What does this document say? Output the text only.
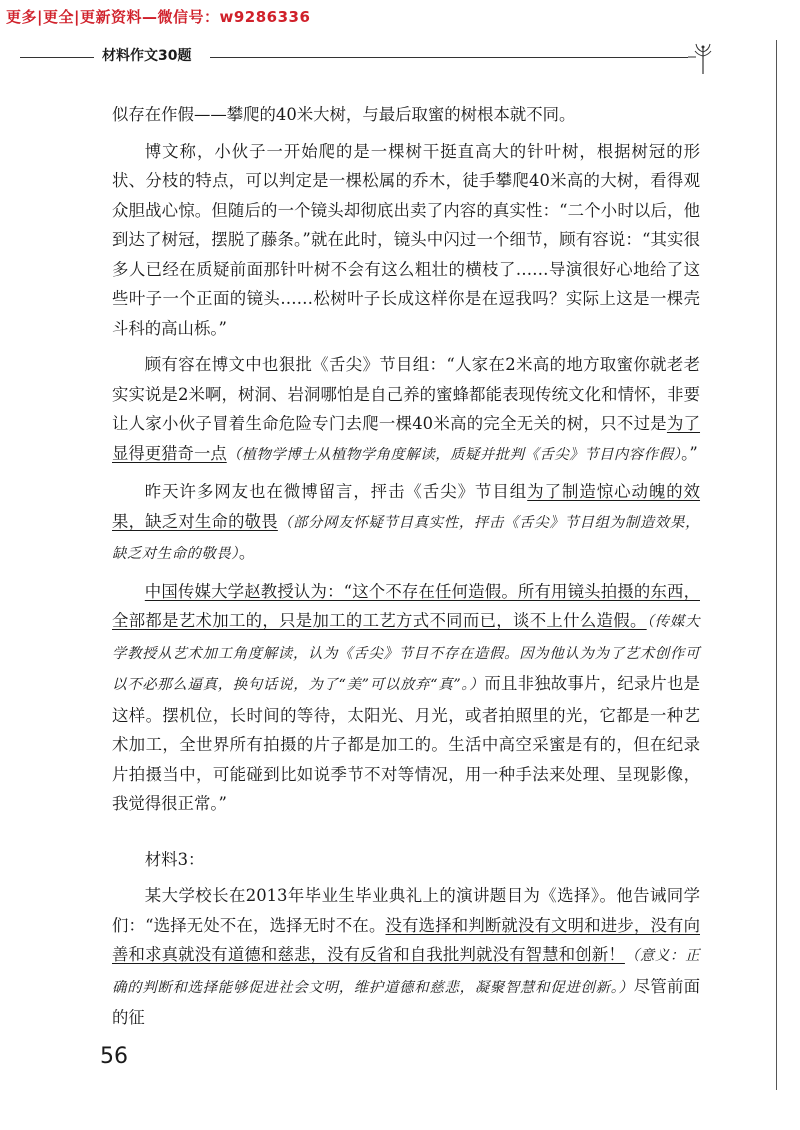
更多|更全|更新资料—微信号：w9286336
材料作文30题

似存在作假——攀爬的40米大树，与最后取蜜的树根本就不同。

博文称，小伙子一开始爬的是一棵树干挺直高大的针叶树，根据树冠的形状、分枝的特点，可以判定是一棵松属的乔木，徒手攀爬40米高的大树，看得观众胆战心惊。但随后的一个镜头却彻底出卖了内容的真实性：“二个小时以后，他到达了树冠，摆脱了藤条。”就在此时，镜头中闪过一个细节，顾有容说：“其实很多人已经在质疑前面那针叶树不会有这么粗壮的横枝了……导演很好心地给了这些叶子一个正面的镜头……松树叶子长成这样你是在逗我吗？实际上这是一棵壳斗科的高山栎。”

顾有容在博文中也狠批《舌尖》节目组：“人家在2米高的地方取蜜你就老老实实说是2米啊，树洞、岩洞哪怕是自己养的蜜蜂都能表现传统文化和情怀，非要让人家小伙子冒着生命危险专门去爬一棵40米高的完全无关的树，只不过是为了显得更猎奇一点（植物学博士从植物学角度解读，质疑并批判《舌尖》节目内容作假）。”

昨天许多网友也在微博留言，抨击《舌尖》节目组为了制造惊心动魄的效果，缺乏对生命的敬畏（部分网友怀疑节目真实性，抨击《舌尖》节目组为制造效果，缺乏对生命的敬畏）。

中国传媒大学赵教授认为：“这个不存在任何造假。所有用镜头拍摄的东西，全部都是艺术加工的，只是加工的工艺方式不同而已，谈不上什么造假。（传媒大学教授从艺术加工角度解读，认为《舌尖》节目不存在造假。因为他认为为了艺术创作可以不必那么逼真，换句话说，为了“美”可以放弃“真”。）而且非独故事片，纪录片也是这样。摆机位，长时间的等待，太阳光、月光，或者拍照里的光，它都是一种艺术加工，全世界所有拍摄的片子都是加工的。生活中高空采蜜是有的，但在纪录片拍摄当中，可能碰到比如说季节不对等情况，用一种手法来处理、呈现影像，我觉得很正常。”

材料3：

某大学校长在2013年毕业生毕业典礼上的演讲题目为《选择》。他告诫同学们：“选择无处不在，选择无时不在。没有选择和判断就没有文明和进步，没有向善和求真就没有道德和慈悲，没有反省和自我批判就没有智慧和创新！（意义：正确的判断和选择能够促进社会文明，维护道德和慈悲，凝聚智慧和促进创新。）尽管前面的征

56
